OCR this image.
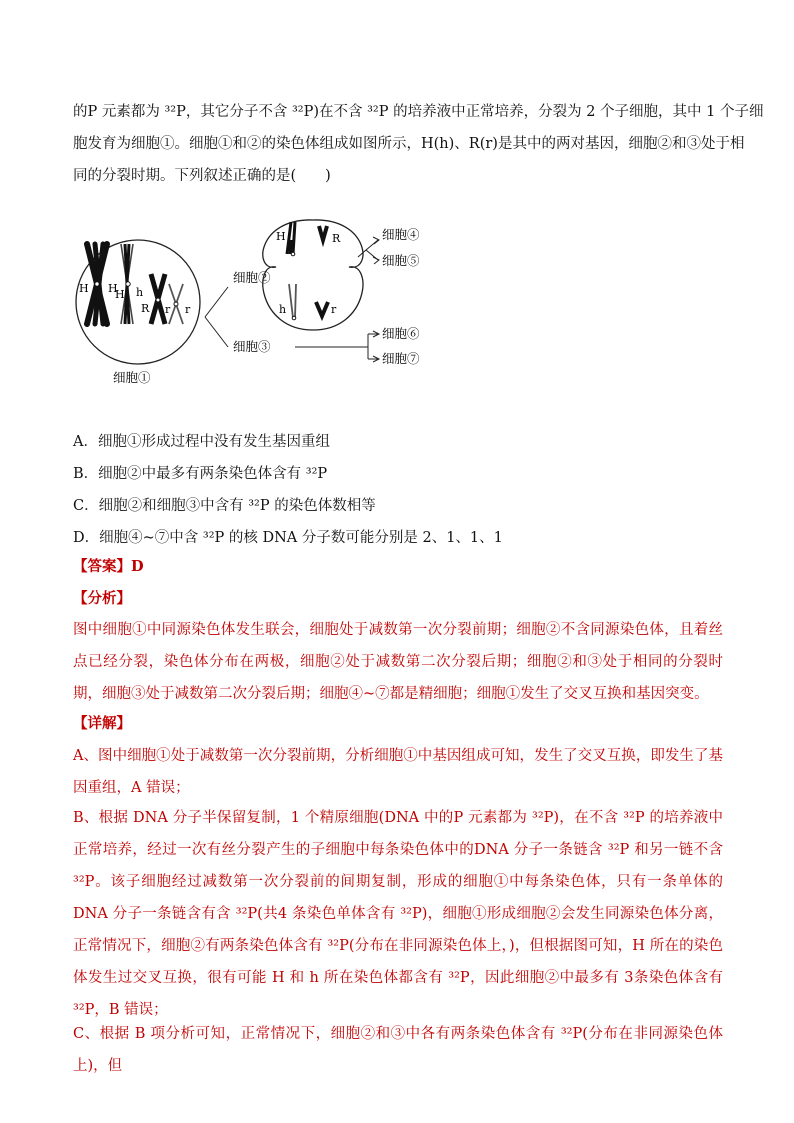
的P 元素都为 ³²P，其它分子不含 ³²P)在不含 ³²P 的培养液中正常培养，分裂为 2 个子细胞，其中 1 个子细

胞发育为细胞①。细胞①和②的染色体组成如图所示，H(h)、R(r)是其中的两对基因，细胞②和③处于相

同的分裂时期。下列叙述正确的是(　　)

H H
H h
R r r
细胞①
细胞②
细胞③
H	R
h	r
细胞④
细胞⑤
细胞⑥
细胞⑦

A．细胞①形成过程中没有发生基因重组

B．细胞②中最多有两条染色体含有 ³²P

C．细胞②和细胞③中含有 ³²P 的染色体数相等

D．细胞④~⑦中含 ³²P 的核 DNA 分子数可能分别是 2、1、1、1

【答案】D

【分析】

图中细胞①中同源染色体发生联会，细胞处于减数第一次分裂前期；细胞②不含同源染色体，且着丝点已经分裂，染色体分布在两极，细胞②处于减数第二次分裂后期；细胞②和③处于相同的分裂时期，细胞③处于减数第二次分裂后期；细胞④~⑦都是精细胞；细胞①发生了交叉互换和基因突变。

【详解】

A、图中细胞①处于减数第一次分裂前期，分析细胞①中基因组成可知，发生了交叉互换，即发生了基因重组，A 错误；

B、根据 DNA 分子半保留复制，1 个精原细胞(DNA 中的P 元素都为 ³²P)，在不含 ³²P 的培养液中正常培养，经过一次有丝分裂产生的子细胞中每条染色体中的DNA 分子一条链含 ³²P 和另一链不含 ³²P。该子细胞经过减数第一次分裂前的间期复制，形成的细胞①中每条染色体，只有一条单体的DNA 分子一条链含有含 ³²P(共4 条染色单体含有 ³²P)，细胞①形成细胞②会发生同源染色体分离，正常情况下，细胞②有两条染色体含有 ³²P(分布在非同源染色体上，)，但根据图可知，H 所在的染色体发生过交叉互换，很有可能 H 和 h 所在染色体都含有 ³²P，因此细胞②中最多有 3条染色体含有 ³²P，B 错误；

C、根据 B 项分析可知，正常情况下，细胞②和③中各有两条染色体含有 ³²P(分布在非同源染色体上)，但
